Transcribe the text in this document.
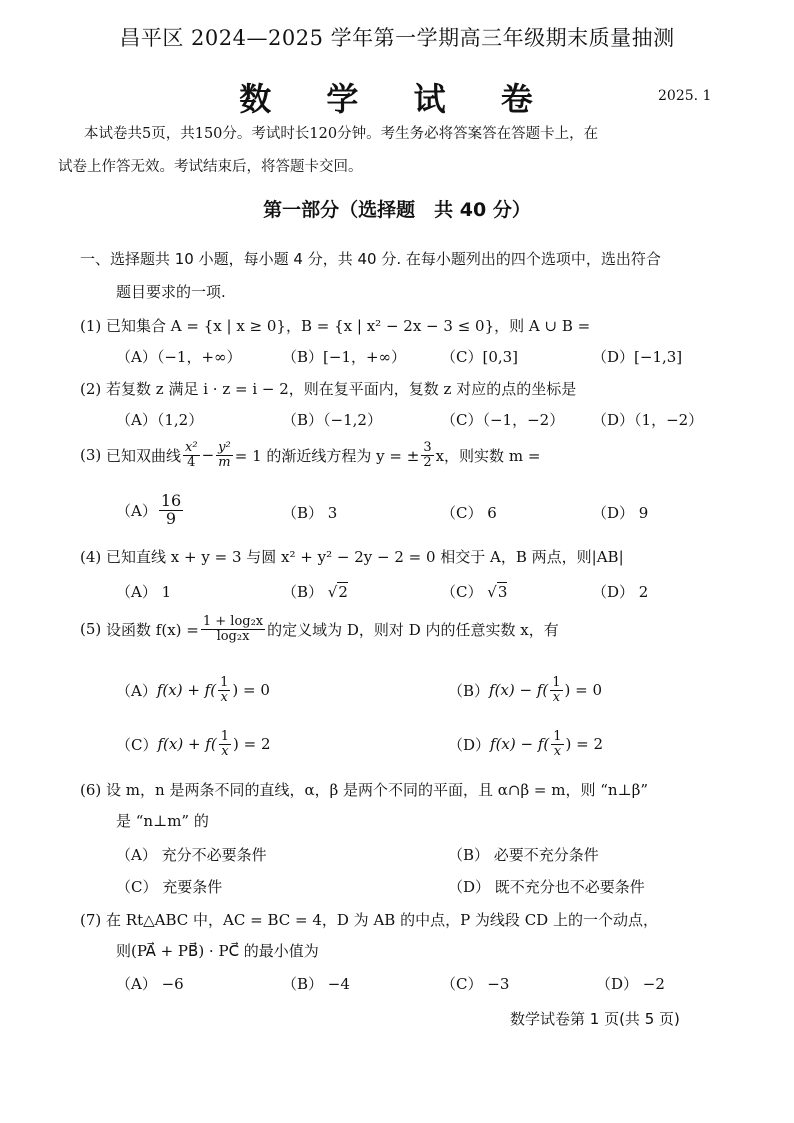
昌平区 2024—2025 学年第一学期高三年级期末质量抽测
数 学 试 卷	2025. 1
本试卷共5页，共150分。考试时长120分钟。考生务必将答案答在答题卡上，在
试卷上作答无效。考试结束后，将答题卡交回。
第一部分（选择题　共 40 分）
一、选择题共 10 小题，每小题 4 分，共 40 分. 在每小题列出的四个选项中，选出符合
题目要求的一项.
(1) 已知集合 A = {x | x ≥ 0}，B = {x | x² − 2x − 3 ≤ 0}，则 A ∪ B =
（A）（−1，+∞）	（B）[−1，+∞） （C）[0,3]	（D）[−1,3]
(2) 若复数 z 满足 i · z = i − 2，则在复平面内，复数 z 对应的点的坐标是
（A）（1,2）	（B）（−1,2）	（C）（−1，−2） （D）（1，−2）
(3)
已知双曲线 $\frac{\text{x²}}{4} - \frac{\text{y²}}{m} = 1$ 的渐近线方程为 y = ± $\frac{3}{2}$ x，则实数 m =
$(A) \frac{16}{9}$	（B） 3	（C） 6	（D） 9
(4) 已知直线 x + y = 3 与圆 x² + y² − 2y − 2 = 0 相交于 A，B 两点，则|AB|
（A） 1	（B） √2	（C） √3	（D） 2
(5)
设函数 $f(x) = \frac{\text{1 + log₂x}}{\text{log₂x}}$ 的定义域为 D，则对 D 内的任意实数 x，有
（A） $f(x) + f( \frac{1}{x}$ ) = 0	（B） $f(x) - f( \frac{1}{x}$ ) = 0
（C） $f(x) + f( \frac{1}{x}$ ) = 2	（D） $f(x) - f( \frac{1}{x}$ ) = 2
(6) 设 m，n 是两条不同的直线，α，β 是两个不同的平面，且 α∩β = m，则 “n⊥β”
是 “n⊥m” 的
（A） 充分不必要条件	（B） 必要不充分条件
（C） 充要条件	（D） 既不充分也不必要条件
(7) 在 Rt△ABC 中，AC = BC = 4，D 为 AB 的中点，P 为线段 CD 上的一个动点，
则(PA⃗ + PB⃗) · PC⃗ 的最小值为
（A） −6	（B） −4	（C） −3	（D） −2
数学试卷第 1 页(共 5 页)
